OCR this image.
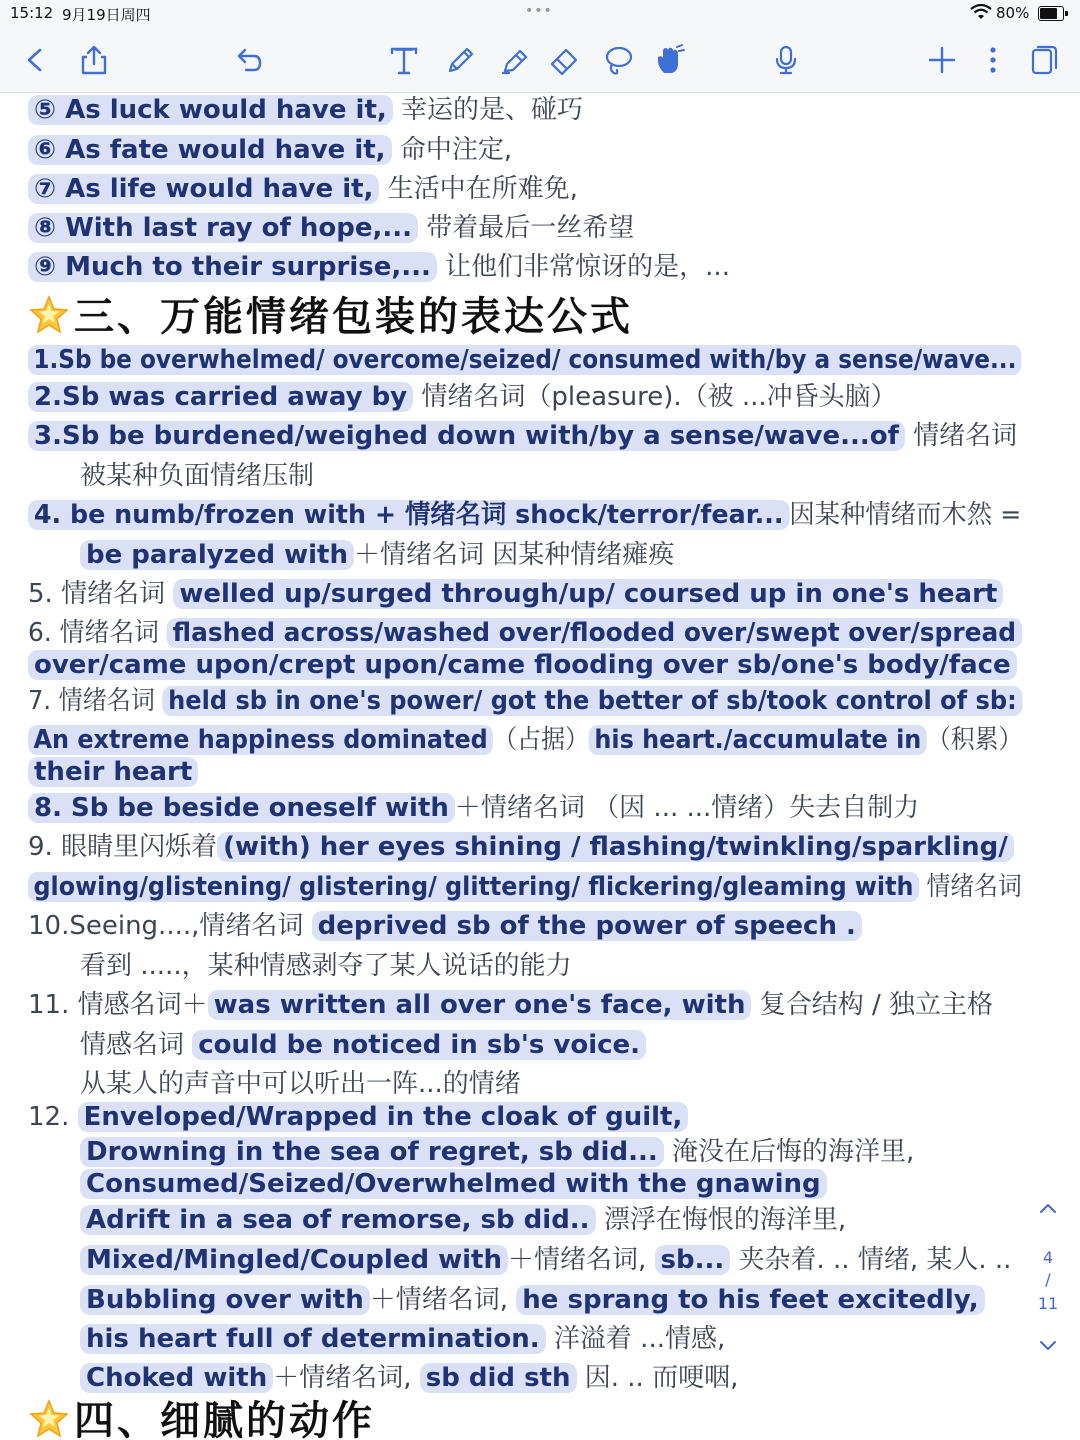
15:12 9月19日周四	•••	80%
⑤ As luck would have it, 幸运的是、碰巧
⑥ As fate would have it, 命中注定,
⑦ As life would have it, 生活中在所难免,
⑧ With last ray of hope,... 带着最后一丝希望
⑨ Much to their surprise,... 让他们非常惊讶的是，...
三、万能情绪包装的表达公式
1.Sb be overwhelmed/ overcome/seized/ consumed with/by a sense/wave...
2.Sb was carried away by 情绪名词（pleasure).（被 ...冲昏头脑）
3.Sb be burdened/weighed down with/by a sense/wave...of 情绪名词
被某种负面情绪压制
4. be numb/frozen with + 情绪名词 shock/terror/fear... 因某种情绪而木然 =
be paralyzed with ＋情绪名词 因某种情绪瘫痪
5. 情绪名词 welled up/surged through/up/ coursed up in one's heart
6. 情绪名词 flashed across/washed over/flooded over/swept over/spread
over/came upon/crept upon/came flooding over sb/one's body/face
7. 情绪名词 held sb in one's power/ got the better of sb/took control of sb:
An extreme happiness dominated （占据） his heart./accumulate in （积累）
their heart
8. Sb be beside oneself with ＋情绪名词 （因 ... ...情绪）失去自制力
9. 眼睛里闪烁着 (with) her eyes shining / flashing/twinkling/sparkling/
glowing/glistening/ glistering/ glittering/ flickering/gleaming with 情绪名词
10.Seeing....,情绪名词 deprived sb of the power of speech .
看到 .....，某种情感剥夺了某人说话的能力
11. 情感名词＋ was written all over one's face, with 复合结构 / 独立主格
情感名词 could be noticed in sb's voice.
从某人的声音中可以听出一阵...的情绪
12. Enveloped/Wrapped in the cloak of guilt,
Drowning in the sea of regret, sb did... 淹没在后悔的海洋里,
Consumed/Seized/Overwhelmed with the gnawing
Adrift in a sea of remorse, sb did.. 漂浮在悔恨的海洋里,
Mixed/Mingled/Coupled with ＋情绪名词, sb... 夹杂着. .. 情绪, 某人. ..
Bubbling over with ＋情绪名词, he sprang to his feet excitedly,
his heart full of determination. 洋溢着 ...情感,
Choked with ＋情绪名词, sb did sth 因. .. 而哽咽,
四、细腻的动作
4
/
11
